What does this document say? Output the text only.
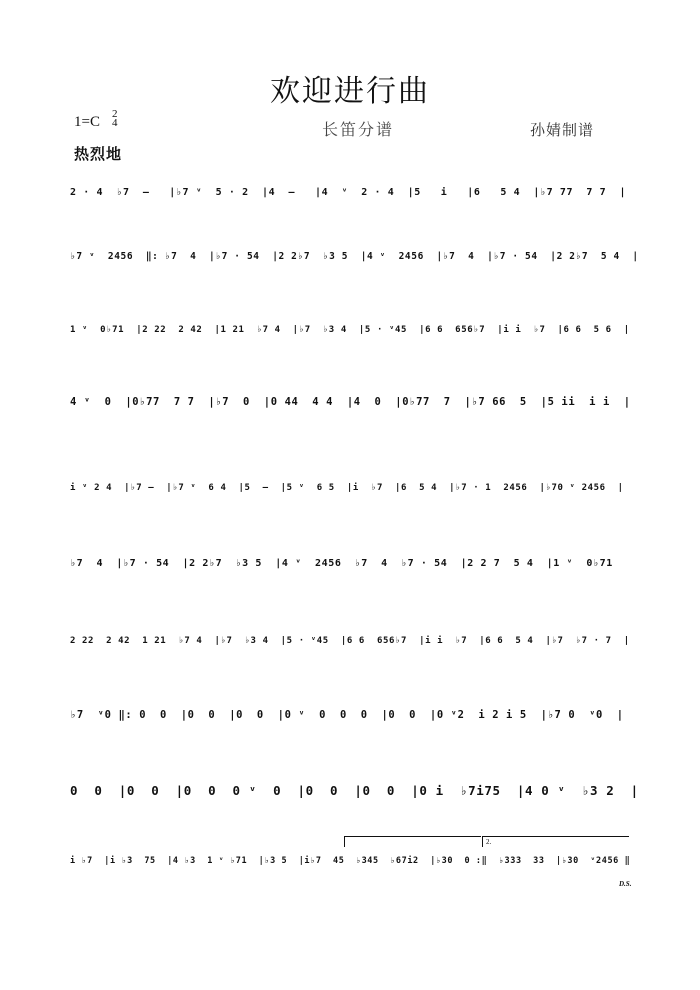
欢迎进行曲
1=C 2
4	长笛分谱	孙婧制谱
热烈地
2 · 4  ♭7  –   |♭7 ᵛ  5 · 2  |4  –   |4  ᵛ  2 · 4  |5   i   |6   5 4  |♭7 77  7 7  |
♭7 ᵛ  2456  ‖: ♭7  4  |♭7 · 54  |2 2♭7  ♭3 5  |4 ᵛ  2456  |♭7  4  |♭7 · 54  |2 2♭7  5 4  |
1 ᵛ  0♭71  |2 22  2 42  |1 21  ♭7 4  |♭7  ♭3 4  |5 · ᵛ45  |6 6  656♭7  |i i  ♭7  |6 6  5 6  |
4 ᵛ  0  |0♭77  7 7  |♭7  0  |0 44  4 4  |4  0  |0♭77  7  |♭7 66  5  |5 ii  i i  |
i ᵛ 2 4  |♭7 –  |♭7 ᵛ  6 4  |5  –  |5 ᵛ  6 5  |i  ♭7  |6  5 4  |♭7 · 1  2456  |♭70 ᵛ 2456  |
♭7  4  |♭7 · 54  |2 2♭7  ♭3 5  |4 ᵛ  2456  ♭7  4  ♭7 · 54  |2 2 7  5 4  |1 ᵛ  0♭71
2 22  2 42  1 21  ♭7 4  |♭7  ♭3 4  |5 · ᵛ45  |6 6  656♭7  |i i  ♭7  |6 6  5 4  |♭7  ♭7 · 7  |
♭7  ᵛ0 ‖: 0  0  |0  0  |0  0  |0 ᵛ  0  0  0  |0  0  |0 ᵛ2  i 2 i 5  |♭7 0  ᵛ0  |
0  0  |0  0  |0  0  0 ᵛ  0  |0  0  |0  0  |0 i  ♭7i75  |4 0 ᵛ  ♭3 2  |
2.
i ♭7  |i ♭3  75  |4 ♭3  1 ᵛ ♭71  |♭3 5  |i♭7  45  ♭345  ♭67i2  |♭30  0 :‖  ♭333  33  |♭30  ᵛ2456 ‖
D.S.
